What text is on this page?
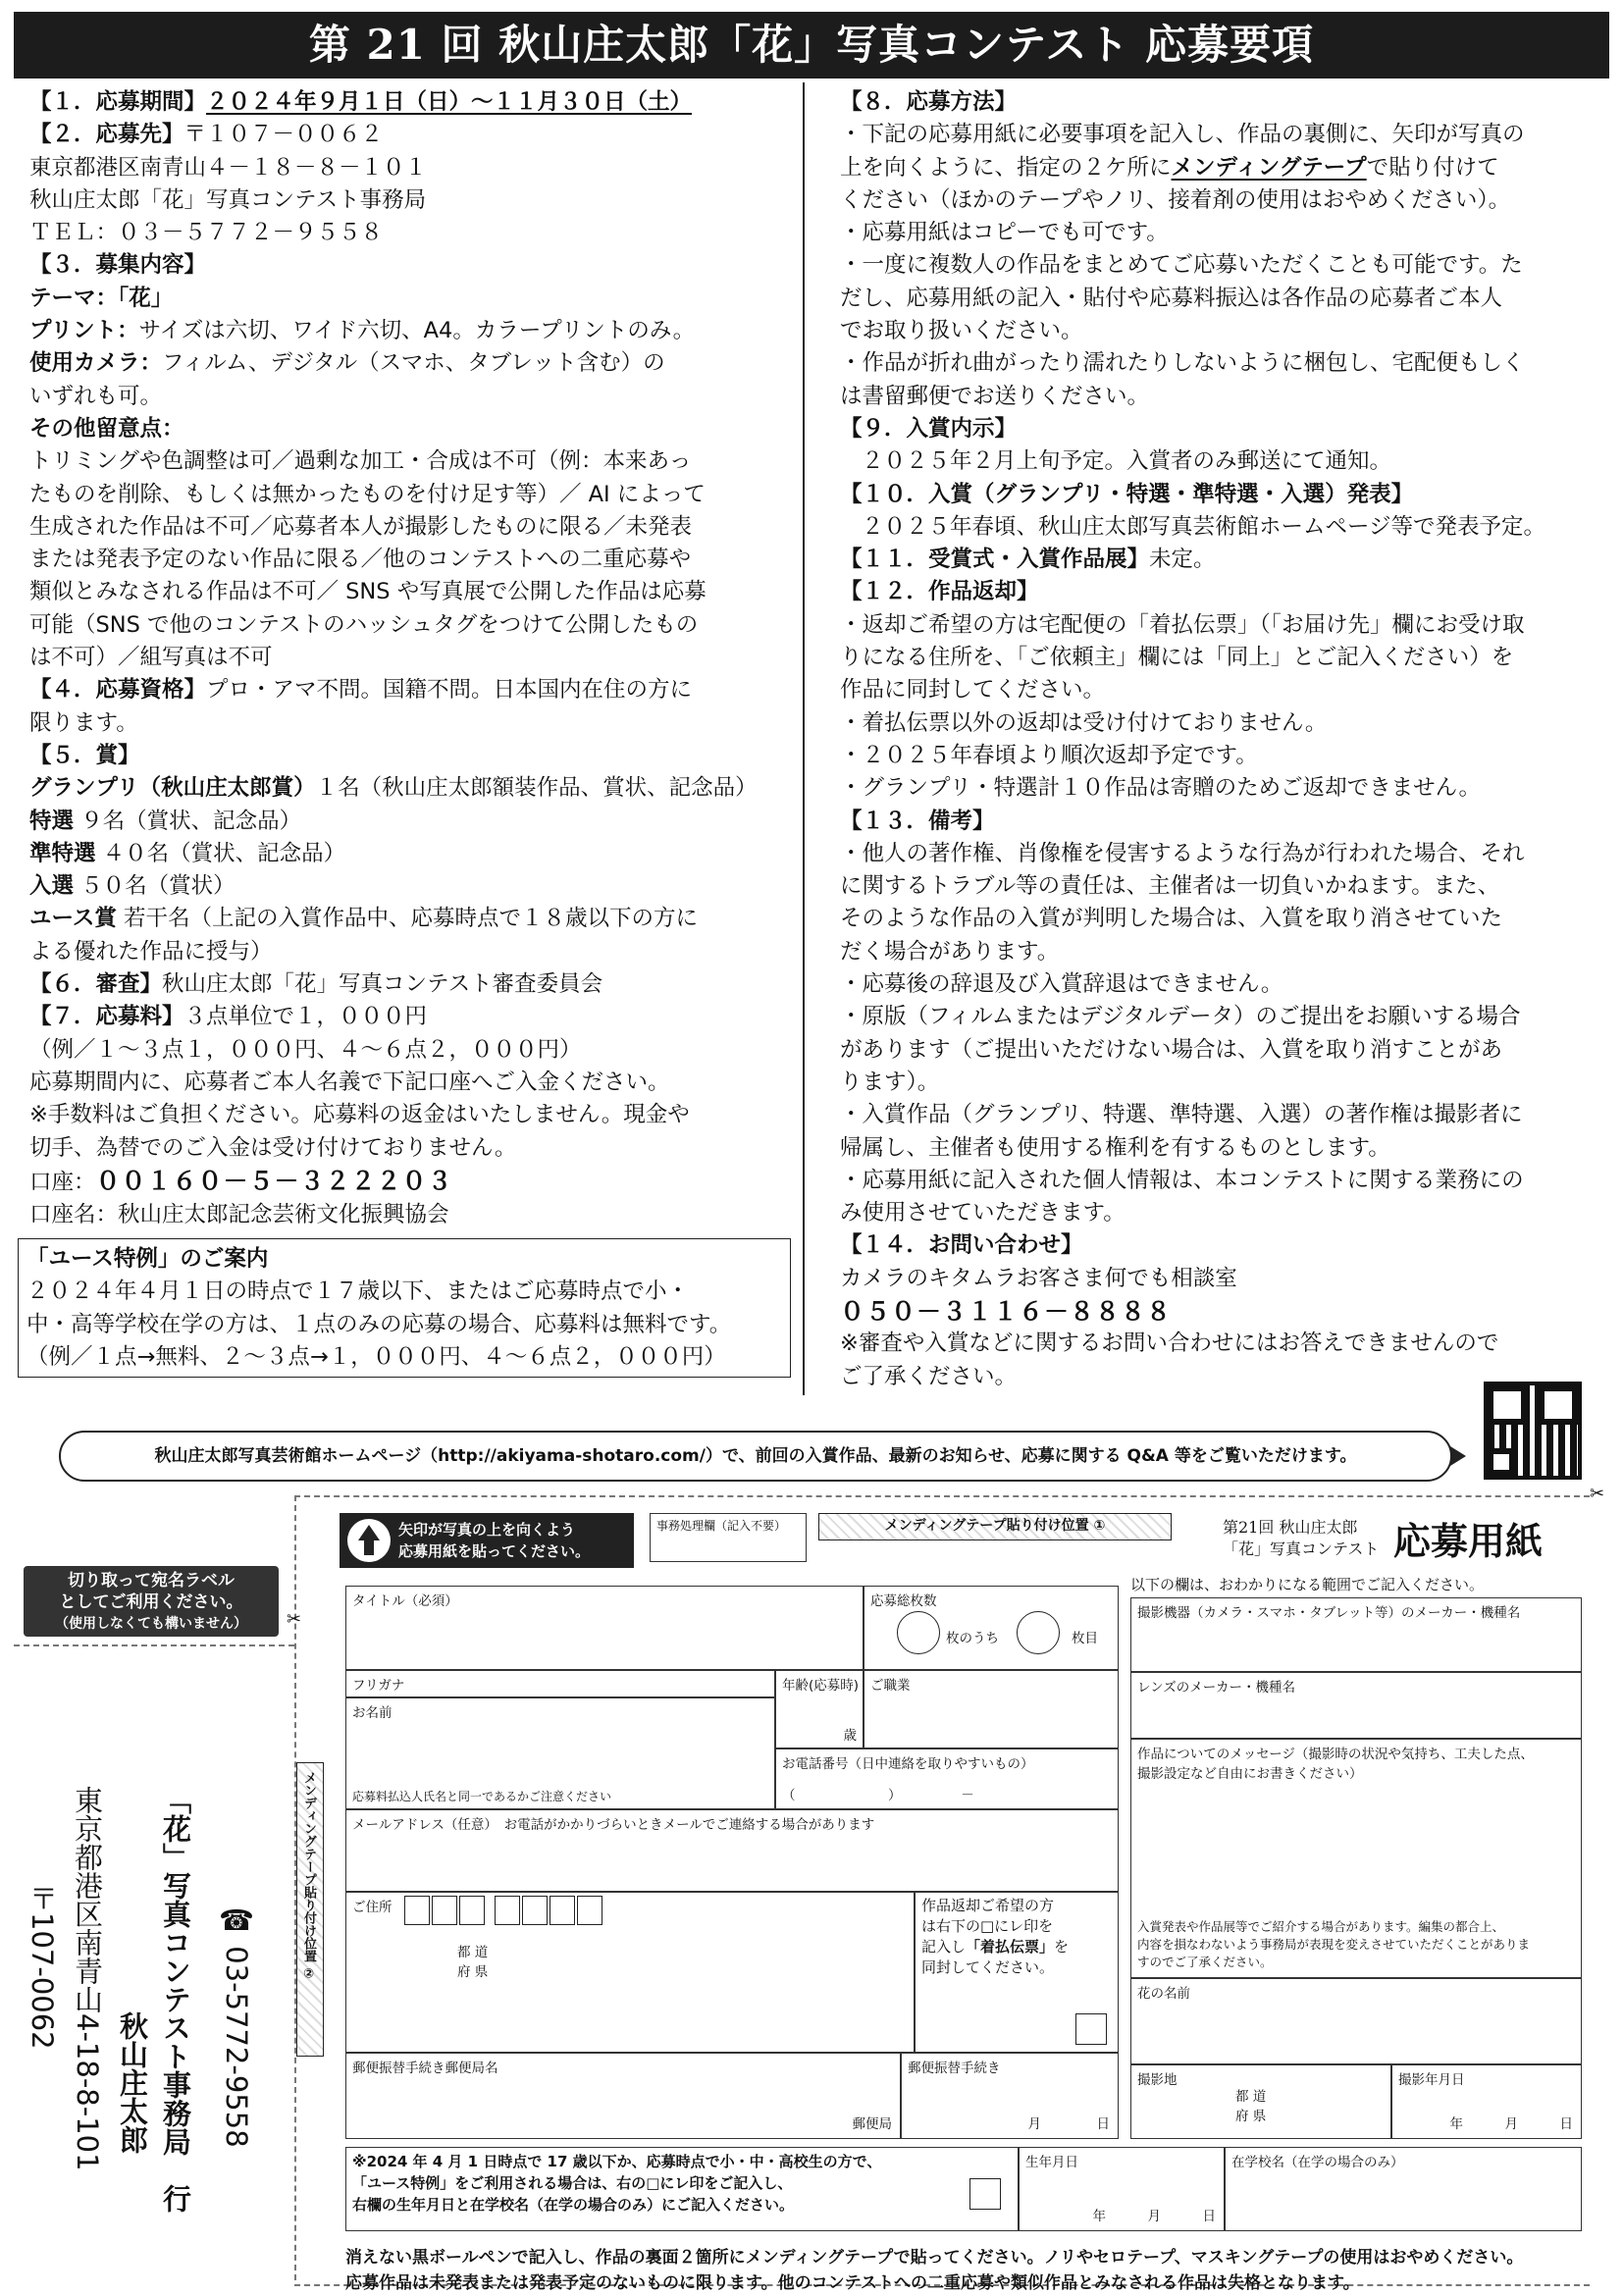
第 21 回 秋山庄太郎「花」写真コンテスト 応募要項
【１．応募期間】２０２４年９月１日（日）～１１月３０日（土）
【２．応募先】〒１０７－００６２
東京都港区南青山４－１８－８－１０１
秋山庄太郎「花」写真コンテスト事務局
ＴＥＬ：０３－５７７２－９５５８
【３．募集内容】
テーマ：「花」
プリント：サイズは六切、ワイド六切、A4。カラープリントのみ。
使用カメラ：フィルム、デジタル（スマホ、タブレット含む）の
いずれも可。
その他留意点：
トリミングや色調整は可／過剰な加工・合成は不可（例：本来あっ
たものを削除、もしくは無かったものを付け足す等）／ AI によって
生成された作品は不可／応募者本人が撮影したものに限る／未発表
または発表予定のない作品に限る／他のコンテストへの二重応募や
類似とみなされる作品は不可／ SNS や写真展で公開した作品は応募
可能（SNS で他のコンテストのハッシュタグをつけて公開したもの
は不可）／組写真は不可
【４．応募資格】プロ・アマ不問。国籍不問。日本国内在住の方に
限ります。
【５．賞】
グランプリ（秋山庄太郎賞）１名（秋山庄太郎額装作品、賞状、記念品）
特選 ９名（賞状、記念品）
準特選 ４０名（賞状、記念品）
入選 ５０名（賞状）
ユース賞 若干名（上記の入賞作品中、応募時点で１８歳以下の方に
よる優れた作品に授与）
【６．審査】秋山庄太郎「花」写真コンテスト審査委員会
【７．応募料】３点単位で１，０００円
（例／１～３点１，０００円、４～６点２，０００円）
応募期間内に、応募者ご本人名義で下記口座へご入金ください。
※手数料はご負担ください。応募料の返金はいたしません。現金や
切手、為替でのご入金は受け付けておりません。
口座：００１６０－５－３２２２０３
口座名：秋山庄太郎記念芸術文化振興協会
「ユース特例」のご案内
２０２４年４月１日の時点で１７歳以下、またはご応募時点で小・
中・高等学校在学の方は、１点のみの応募の場合、応募料は無料です。
（例／１点→無料、２～３点→１，０００円、４～６点２，０００円）
【８．応募方法】
・下記の応募用紙に必要事項を記入し、作品の裏側に、矢印が写真の
上を向くように、指定の２ケ所にメンディングテープで貼り付けて
ください（ほかのテープやノリ、接着剤の使用はおやめください）。
・応募用紙はコピーでも可です。
・一度に複数人の作品をまとめてご応募いただくことも可能です。た
だし、応募用紙の記入・貼付や応募料振込は各作品の応募者ご本人
でお取り扱いください。
・作品が折れ曲がったり濡れたりしないように梱包し、宅配便もしく
は書留郵便でお送りください。
【９．入賞内示】
２０２５年２月上旬予定。入賞者のみ郵送にて通知。
【１０．入賞（グランプリ・特選・準特選・入選）発表】
２０２５年春頃、秋山庄太郎写真芸術館ホームページ等で発表予定。
【１１．受賞式・入賞作品展】未定。
【１２．作品返却】
・返却ご希望の方は宅配便の「着払伝票」（「お届け先」欄にお受け取
りになる住所を、「ご依頼主」欄には「同上」とご記入ください）を
作品に同封してください。
・着払伝票以外の返却は受け付けておりません。
・２０２５年春頃より順次返却予定です。
・グランプリ・特選計１０作品は寄贈のためご返却できません。
【１３．備考】
・他人の著作権、肖像権を侵害するような行為が行われた場合、それ
に関するトラブル等の責任は、主催者は一切負いかねます。また、
そのような作品の入賞が判明した場合は、入賞を取り消させていた
だく場合があります。
・応募後の辞退及び入賞辞退はできません。
・原版（フィルムまたはデジタルデータ）のご提出をお願いする場合
があります（ご提出いただけない場合は、入賞を取り消すことがあ
ります）。
・入賞作品（グランプリ、特選、準特選、入選）の著作権は撮影者に
帰属し、主催者も使用する権利を有するものとします。
・応募用紙に記入された個人情報は、本コンテストに関する業務にの
み使用させていただきます。
【１４．お問い合わせ】
カメラのキタムラお客さま何でも相談室
０５０－３１１６－８８８８
※審査や入賞などに関するお問い合わせにはお答えできませんので
ご了承ください。
秋山庄太郎写真芸術館ホームページ（http://akiyama-shotaro.com/）で、前回の入賞作品、最新のお知らせ、応募に関する Q&A 等をご覧いただけます。
✂
✂
切り取って宛名ラベル
としてご利用ください。
（使用しなくても構いません）
〒107-0062 東京都港区南青山4-18-8-101 秋山庄太郎 「花」写真コンテスト事務局　行 ☎ 03-5772-9558
矢印が写真の上を向くよう
応募用紙を貼ってください。
事務処理欄（記入不要）	メンディングテープ貼り付け位置 ①
メンディングテープ貼り付け位置 ②
第21回 秋山庄太郎
「花」写真コンテスト 応募用紙
以下の欄は、おわかりになる範囲でご記入ください。
タイトル（必須）	応募総枚数
枚のうち	枚目
フリガナ	年齢(応募時)
歳
ご職業
お名前
応募料払込人氏名と同一であるかご注意ください
お電話番号（日中連絡を取りやすいもの）
（　　　　　　　）　　　　　－
メールアドレス（任意）　 お電話がかかりづらいときメールでご連絡する場合があります
ご住所
都 道
府 県
作品返却ご希望の方
は右下の□にレ印を
記入し「着払伝票」を
同封してください。
郵便振替手続き郵便局名
郵便局
郵便振替手続き
月	日
撮影機器（カメラ・スマホ・タブレット等）のメーカー・機種名
レンズのメーカー・機種名
作品についてのメッセージ（撮影時の状況や気持ち、工夫した点、
撮影設定など自由にお書きください）
入賞発表や作品展等でご紹介する場合があります。編集の都合上、
内容を損なわないよう事務局が表現を変えさせていただくことがありま
すのでご了承ください。
花の名前
撮影地
都 道
府 県
撮影年月日
年	月	日
※2024 年 4 月 1 日時点で 17 歳以下か、応募時点で小・中・高校生の方で、
「ユース特例」をご利用される場合は、右の□にレ印をご記入し、
右欄の生年月日と在学校名（在学の場合のみ）にご記入ください。
生年月日
年	月	日
在学校名（在学の場合のみ）
消えない黒ボールペンで記入し、作品の裏面２箇所にメンディングテープで貼ってください。ノリやセロテープ、マスキングテープの使用はおやめください。
応募作品は未発表または発表予定のないものに限ります。他のコンテストへの二重応募や類似作品とみなされる作品は失格となります。
